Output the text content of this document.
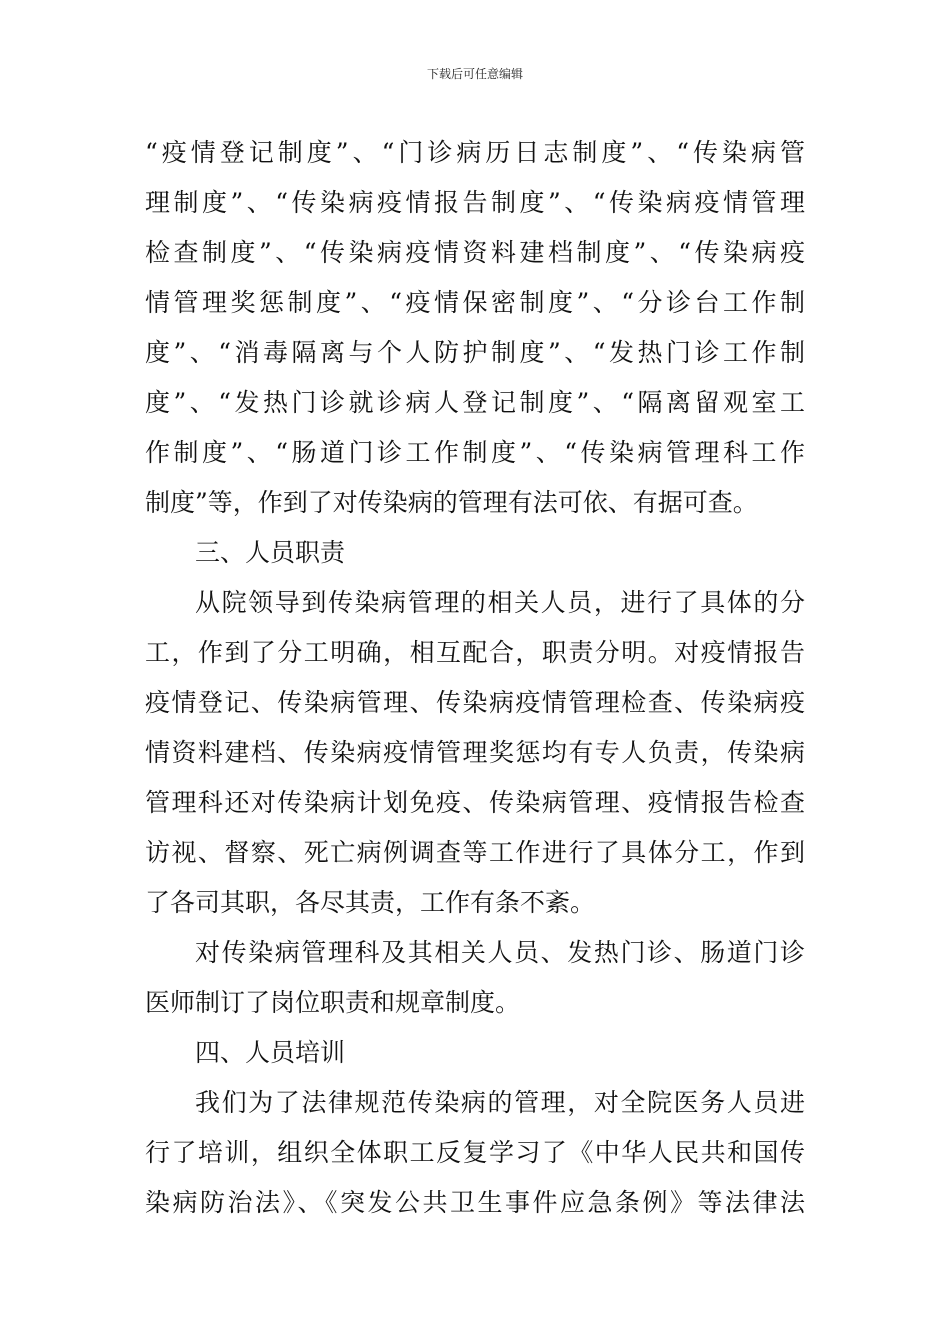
下载后可任意编辑
“疫情登记制度”、“门诊病历日志制度”、“传染病管
理制度”、“传染病疫情报告制度”、“传染病疫情管理
检查制度”、“传染病疫情资料建档制度”、“传染病疫
情管理奖惩制度”、“疫情保密制度”、“分诊台工作制
度”、“消毒隔离与个人防护制度”、“发热门诊工作制
度”、“发热门诊就诊病人登记制度”、“隔离留观室工
作制度”、“肠道门诊工作制度”、“传染病管理科工作
制度”等，作到了对传染病的管理有法可依、有据可查。
三、人员职责
从院领导到传染病管理的相关人员，进行了具体的分
工，作到了分工明确，相互配合，职责分明。对疫情报告
疫情登记、传染病管理、传染病疫情管理检查、传染病疫
情资料建档、传染病疫情管理奖惩均有专人负责，传染病
管理科还对传染病计划免疫、传染病管理、疫情报告检查
访视、督察、死亡病例调查等工作进行了具体分工，作到
了各司其职，各尽其责，工作有条不紊。
对传染病管理科及其相关人员、发热门诊、肠道门诊
医师制订了岗位职责和规章制度。
四、人员培训
我们为了法律规范传染病的管理，对全院医务人员进
行了培训，组织全体职工反复学习了《中华人民共和国传
染病防治法》、《突发公共卫生事件应急条例》等法律法
